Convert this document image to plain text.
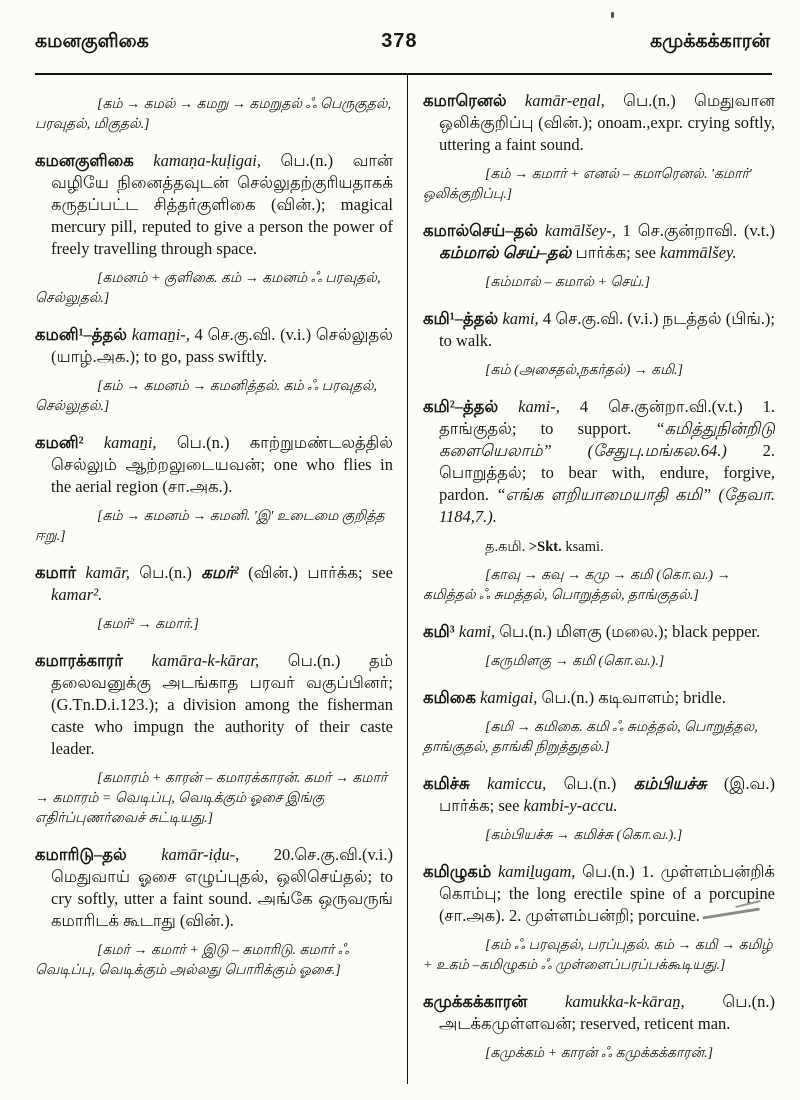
கமனகுளிகை	378	கமுக்கக்காரன்

[கம் → கமல் → கமறு → கமறுதல் ஃ பெருகுதல், பரவுதல், மிகுதல்.]

கமனகுளிகை kamaṇa-kuḷigai, பெ.(n.) வான் வழியே நினைத்தவுடன் செல்லுதற்குரியதாகக் கருதப்பட்ட சித்தர்குளிகை (வின்.); magical mercury pill, reputed to give a person the power of freely travelling through space.

[கமனம் + குளிகை. கம் → கமனம் ஃ பரவுதல், செல்லுதல்.]

கமனி¹–த்தல் kamaṉi-, 4 செ.கு.வி. (v.i.) செல்லுதல் (யாழ்.அக.); to go, pass swiftly.

[கம் → கமனம் → கமனித்தல். கம் ஃ பரவுதல், செல்லுதல்.]

கமனி² kamaṉi, பெ.(n.) காற்றுமண்டலத்தில் செல்லும் ஆற்றலுடையவன்; one who flies in the aerial region (சா.அக.).

[கம் → கமனம் → கமனி. 'இ' உடைமை குறித்த ஈறு.]

கமார் kamār, பெ.(n.) கமர்² (வின்.) பார்க்க; see kamar².

[கமர்² → கமார்.]

கமாரக்காரர் kamāra-k-kārar, பெ.(n.) தம் தலைவனுக்கு அடங்காத பரவர் வகுப்பினர்; (G.Tn.D.i.123.); a division among the fisherman caste who impugn the authority of their caste leader.

[கமாரம் + காரன் – கமாரக்காரன். கமர் → கமார் → கமாரம் = வெடிப்பு, வெடிக்கும் ஓசை இங்கு எதிர்ப்புணர்வைச் சுட்டியது.]

கமாரிடு–தல் kamār-iḍu-, 20.செ.கு.வி.(v.i.) மெதுவாய் ஓசை எழுப்புதல், ஒலிசெய்தல்; to cry softly, utter a faint sound. அங்கே ஒருவருங் கமாரிடக் கூடாது (வின்.).

[கமர் → கமார் + இடு – கமாரிடு. கமார் ஃ வெடிப்பு, வெடிக்கும் அல்லது பொரிக்கும் ஓசை.]

கமாரெனல் kamār-eṉal, பெ.(n.) மெதுவான ஒலிக்குறிப்பு (வின்.); onoam.,expr. crying softly, uttering a faint sound.

[கம் → கமார் + எனல் – கமாரெனல். 'கமார்' ஒலிக்குறிப்பு.]

கமால்செய்–தல் kamālšey-, 1 செ.குன்றாவி. (v.t.) கம்மால் செய்–தல் பார்க்க; see kammālšey.

[கம்மால் – கமால் + செய்.]

கமி¹–த்தல் kami, 4 செ.கு.வி. (v.i.) நடத்தல் (பிங்.); to walk.

[கம் (அசைதல்,நகர்தல்) → கமி.]

கமி²–த்தல் kami-, 4 செ.குன்றா.வி.(v.t.) 1. தாங்குதல்; to support. “கமித்துநின்றிடு களையெலாம்” (சேதுபு.மங்கல.64.) 2. பொறுத்தல்; to bear with, endure, forgive, pardon. “எங்க ளறியாமையாதி கமி” (தேவா. 1184,7.).

த.கமி. >Skt. ksami.

[காவு → கவு → கமு → கமி (கொ.வ.) → கமித்தல் ஃ சுமத்தல், பொறுத்தல், தாங்குதல்.]

கமி³ kami, பெ.(n.) மிளகு (மலை.); black pepper.

[கருமிளகு → கமி (கொ.வ.).]

கமிகை kamigai, பெ.(n.) கடிவாளம்; bridle.

[கமி → கமிகை. கமி ஃ சுமத்தல், பொறுத்தல, தாங்குதல், தாங்கி நிறுத்துதல்.]

கமிச்சு kamiccu, பெ.(n.) கம்பியச்சு (இ.வ.) பார்க்க; see kambi-y-accu.

[கம்பியச்சு → கமிச்சு (கொ.வ.).]

கமிழுகம் kamiḻugam, பெ.(n.) 1. முள்ளம்பன்றிக் கொம்பு; the long erectile spine of a porcupine (சா.அக). 2. முள்ளம்பன்றி; porcuine.

[கம் ஃ பரவுதல், பரப்புதல். கம் → கமி → கமிழ் + உகம் –கமிழுகம் ஃ முள்ளைப்பரப்பக்கூடியது.]

கமுக்கக்காரன் kamukka-k-kāraṉ, பெ.(n.) அடக்கமுள்ளவன்; reserved, reticent man.

[கமுக்கம் + காரன் ஃ கமுக்கக்காரன்.]
